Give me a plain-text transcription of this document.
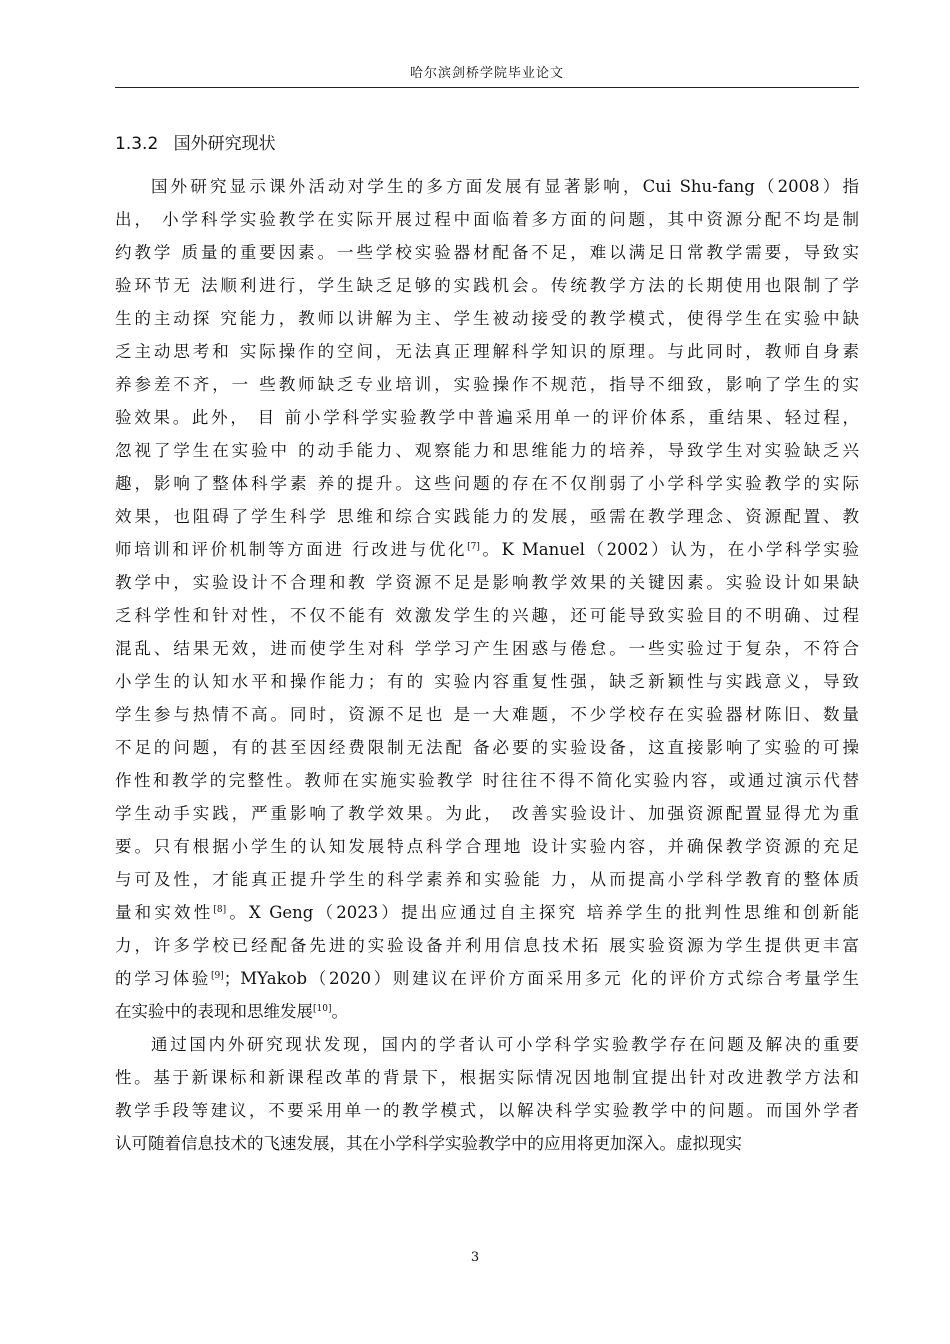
哈尔滨剑桥学院毕业论文
1.3.2 国外研究现状
国外研究显示课外活动对学生的多方面发展有显著影响，Cui Shu-fang（2008）指
出， 小学科学实验教学在实际开展过程中面临着多方面的问题，其中资源分配不均是制
约教学 质量的重要因素。一些学校实验器材配备不足，难以满足日常教学需要，导致实
验环节无 法顺利进行，学生缺乏足够的实践机会。传统教学方法的长期使用也限制了学
生的主动探 究能力，教师以讲解为主、学生被动接受的教学模式，使得学生在实验中缺
乏主动思考和 实际操作的空间，无法真正理解科学知识的原理。与此同时，教师自身素
养参差不齐，一 些教师缺乏专业培训，实验操作不规范，指导不细致，影响了学生的实
验效果。此外， 目 前小学科学实验教学中普遍采用单一的评价体系，重结果、轻过程，
忽视了学生在实验中 的动手能力、观察能力和思维能力的培养，导致学生对实验缺乏兴
趣，影响了整体科学素 养的提升。这些问题的存在不仅削弱了小学科学实验教学的实际
效果，也阻碍了学生科学 思维和综合实践能力的发展，亟需在教学理念、资源配置、教
师培训和评价机制等方面进 行改进与优化[7]。K Manuel（2002）认为，在小学科学实验
教学中，实验设计不合理和教 学资源不足是影响教学效果的关键因素。实验设计如果缺
乏科学性和针对性，不仅不能有 效激发学生的兴趣，还可能导致实验目的不明确、过程
混乱、结果无效，进而使学生对科 学学习产生困惑与倦怠。一些实验过于复杂，不符合
小学生的认知水平和操作能力；有的 实验内容重复性强，缺乏新颖性与实践意义，导致
学生参与热情不高。同时，资源不足也 是一大难题，不少学校存在实验器材陈旧、数量
不足的问题，有的甚至因经费限制无法配 备必要的实验设备，这直接影响了实验的可操
作性和教学的完整性。教师在实施实验教学 时往往不得不简化实验内容，或通过演示代替
学生动手实践，严重影响了教学效果。为此， 改善实验设计、加强资源配置显得尤为重
要。只有根据小学生的认知发展特点科学合理地 设计实验内容，并确保教学资源的充足
与可及性，才能真正提升学生的科学素养和实验能 力，从而提高小学科学教育的整体质
量和实效性[8]。X Geng（2023）提出应通过自主探究 培养学生的批判性思维和创新能
力，许多学校已经配备先进的实验设备并利用信息技术拓 展实验资源为学生提供更丰富
的学习体验[9]；MYakob（2020）则建议在评价方面采用多元 化的评价方式综合考量学生
在实验中的表现和思维发展[10]。
通过国内外研究现状发现，国内的学者认可小学科学实验教学存在问题及解决的重要
性。基于新课标和新课程改革的背景下，根据实际情况因地制宜提出针对改进教学方法和
教学手段等建议，不要采用单一的教学模式，以解决科学实验教学中的问题。而国外学者
认可随着信息技术的飞速发展，其在小学科学实验教学中的应用将更加深入。虚拟现实
3
